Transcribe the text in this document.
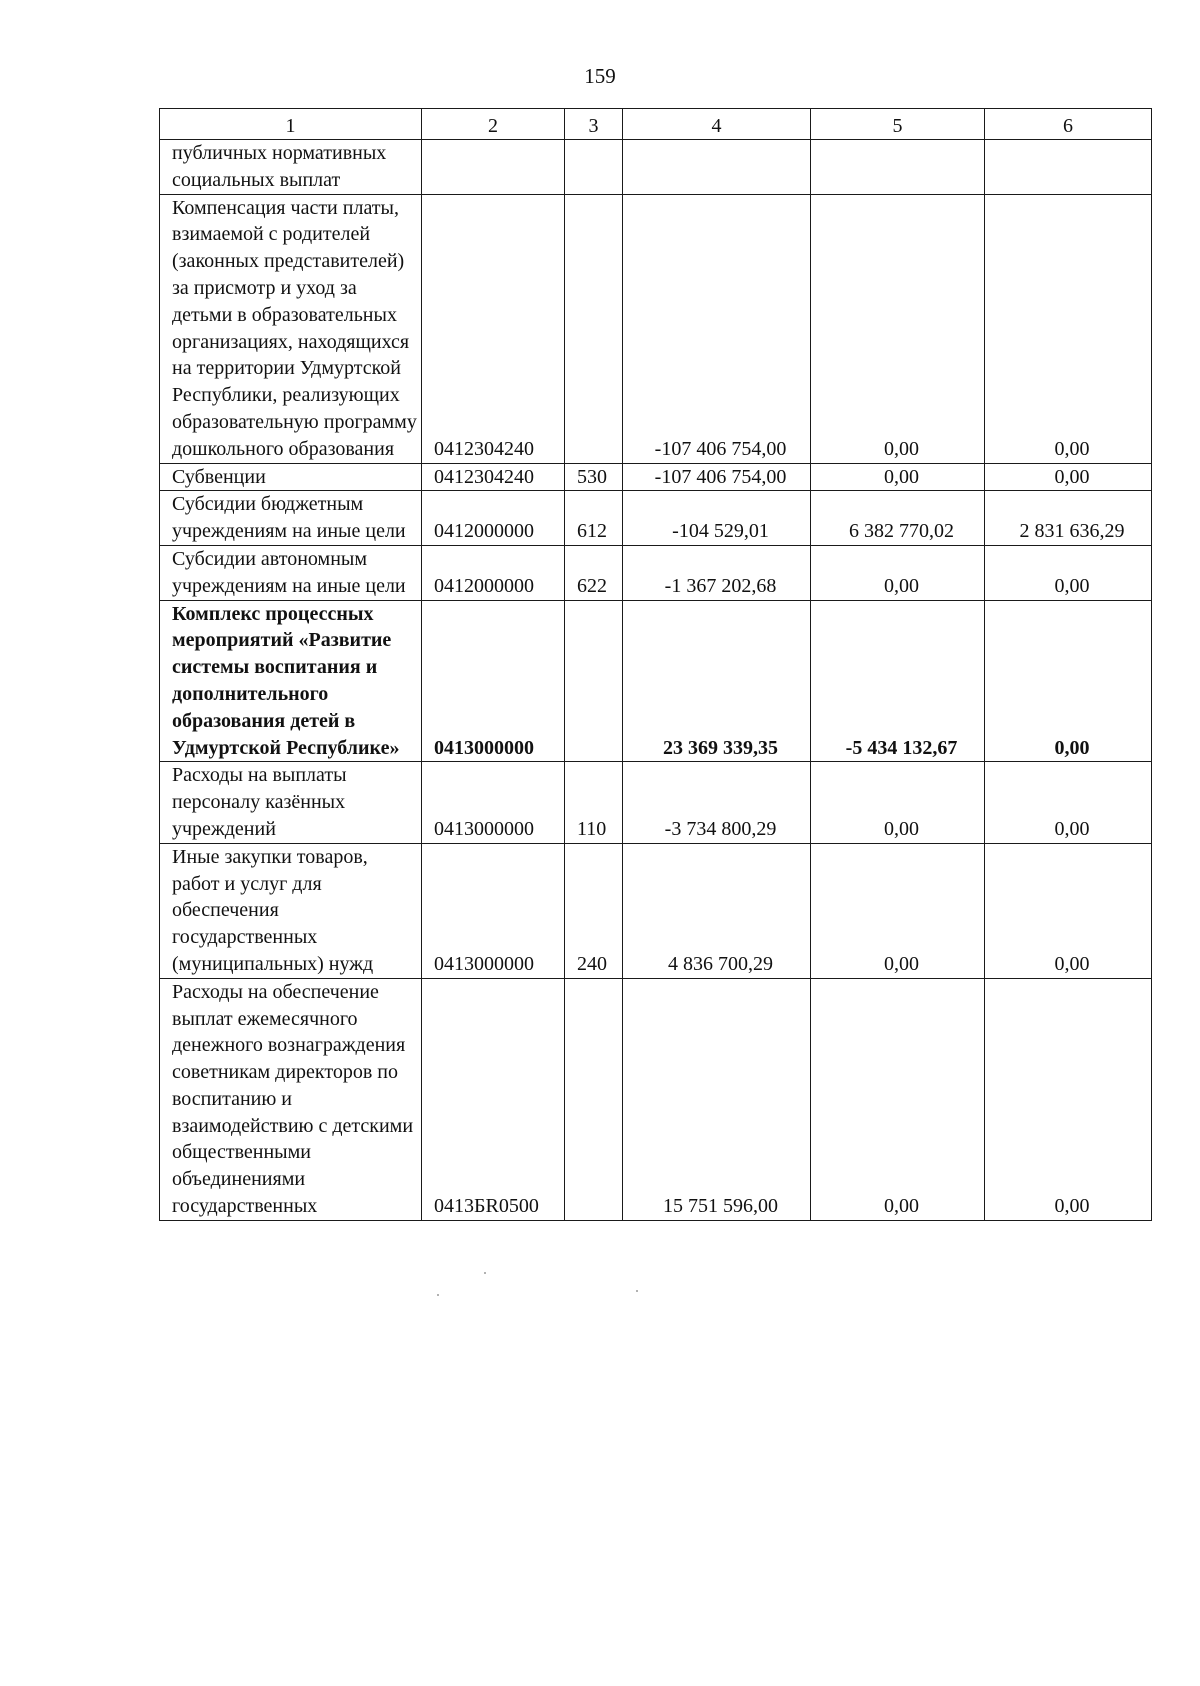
159
1	2	3	4	5	6
публичных нормативных социальных выплат					
Компенсация части платы, взимаемой с родителей (законных представителей) за присмотр и уход за детьми в образовательных организациях, находящихся на территории Удмуртской Республики, реализующих образовательную программу дошкольного образования	0412304240		-107 406 754,00	0,00	0,00
Субвенции	0412304240	530	-107 406 754,00	0,00	0,00
Субсидии бюджетным учреждениям на иные цели	0412000000	612	-104 529,01	6 382 770,02	2 831 636,29
Субсидии автономным учреждениям на иные цели	0412000000	622	-1 367 202,68	0,00	0,00
Комплекс процессных мероприятий «Развитие системы воспитания и дополнительного образования детей в Удмуртской Республике»	0413000000		23 369 339,35	-5 434 132,67	0,00
Расходы на выплаты персоналу казённых учреждений	0413000000	110	-3 734 800,29	0,00	0,00
Иные закупки товаров, работ и услуг для обеспечения государственных (муниципальных) нужд	0413000000	240	4 836 700,29	0,00	0,00
Расходы на обеспечение выплат ежемесячного денежного вознаграждения советникам директоров по воспитанию и взаимодействию с детскими общественными объединениями государственных	0413БR0500		15 751 596,00	0,00	0,00
